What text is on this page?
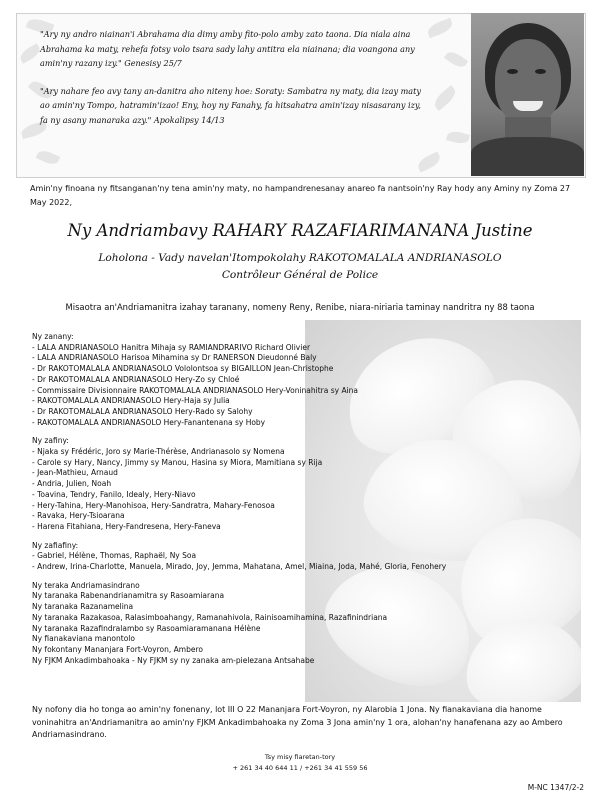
"Ary ny andro niainan'i Abrahama dia dimy amby fito-polo amby zato taona. Dia niala aina Abrahama ka maty, rehefa fotsy volo tsara sady lahy antitra ela niainana; dia voangona any amin'ny razany izy." Genesisy 25/7

"Ary nahare feo avy tany an-danitra aho niteny hoe: Soraty: Sambatra ny maty, dia izay maty ao amin'ny Tompo, hatramin'izao! Eny, hoy ny Fanahy, fa hitsahatra amin'izay nisasarany izy, fa ny asany manaraka azy." Apokalipsy 14/13

Amin'ny finoana ny fitsanganan'ny tena amin'ny maty, no hampandrenesanay anareo fa nantsoin'ny Ray hody any Aminy ny Zoma 27 May 2022,
Ny Andriambavy RAHARY RAZAFIARIMANANA Justine
Loholona - Vady navelan'Itompokolahy RAKOTOMALALA ANDRIANASOLO
Contrôleur Général de Police
Misaotra an'Andriamanitra izahay taranany, nomeny Reny, Renibe, niara-niriaria taminay nandritra ny 88 taona
Ny zanany:
- LALA ANDRIANASOLO Hanitra Mihaja sy RAMIANDRARIVO Richard Olivier
- LALA ANDRIANASOLO Harisoa Mihamina sy Dr RANERSON Dieudonné Baly
- Dr RAKOTOMALALA ANDRIANASOLO Vololontsoa sy BIGAILLON Jean-Christophe
- Dr RAKOTOMALALA ANDRIANASOLO Hery-Zo sy Chloé
- Commissaire Divisionnaire RAKOTOMALALA ANDRIANASOLO Hery-Voninahitra sy Aina
- RAKOTOMALALA ANDRIANASOLO Hery-Haja sy Julia
- Dr RAKOTOMALALA ANDRIANASOLO Hery-Rado sy Salohy
- RAKOTOMALALA ANDRIANASOLO Hery-Fanantenana sy Hoby
Ny zafiny:
- Njaka sy Frédéric, Joro sy Marie-Thérèse, Andrianasolo sy Nomena
- Carole sy Hary, Nancy, Jimmy sy Manou, Hasina sy Miora, Mamitiana sy Rija
- Jean-Mathieu, Arnaud
- Andria, Julien, Noah
- Toavina, Tendry, Fanilo, Idealy, Hery-Niavo
- Hery-Tahina, Hery-Manohisoa, Hery-Sandratra, Mahary-Fenosoa
- Ravaka, Hery-Tsioarana
- Harena Fitahiana, Hery-Fandresena, Hery-Faneva
Ny zafiafiny:
- Gabriel, Hélène, Thomas, Raphaël, Ny Soa
- Andrew, Irina-Charlotte, Manuela, Mirado, Joy, Jemma, Mahatana, Amel, Miaina, Joda, Mahé, Gloria, Fenohery
Ny teraka Andriamasindrano
Ny taranaka Rabenandrianamitra sy Rasoamiarana
Ny taranaka Razanamelina
Ny taranaka Razakasoa, Ralasimboahangy, Ramanahivola, Rainisoamihamina, Razafinindriana
Ny taranaka Razafindralambo sy Rasoamiaramanana Hélène
Ny fianakaviana manontolo
Ny fokontany Mananjara Fort-Voyron, Ambero
Ny FJKM Ankadimbahoaka - Ny FJKM sy ny zanaka am-pielezana Antsahabe
Ny nofony dia ho tonga ao amin'ny fonenany, lot III O 22 Mananjara Fort-Voyron, ny Alarobia 1 Jona. Ny fianakaviana dia hanome voninahitra an'Andriamanitra ao amin'ny FJKM Ankadimbahoaka ny Zoma 3 Jona amin'ny 1 ora, alohan'ny hanafenana azy ao Ambero Andriamasindrano.
Tsy misy fiaretan-tory
+ 261 34 40 644 11 / +261 34 41 559 56
M-NC 1347/2-2
